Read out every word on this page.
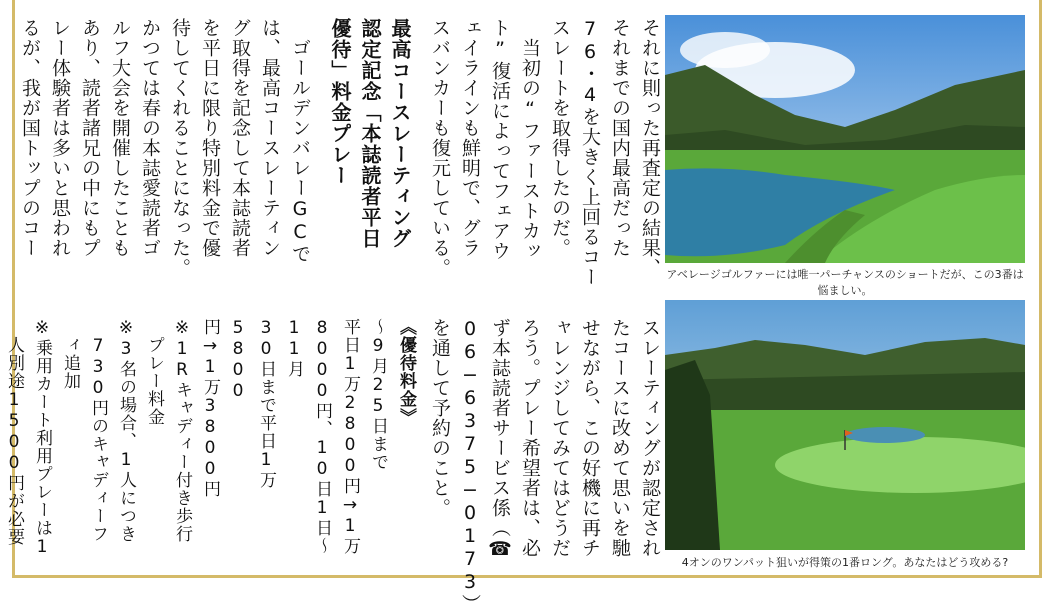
それに則った再査定の結果、
それまでの国内最高だった
76・4を大きく上回るコー
スレートを取得したのだ。
　当初の“ファーストカッ
ト”復活によってフェアウ
ェイラインも鮮明で、グラ
スバンカーも復元している。
最高コースレーティング
認定記念「本誌読者平日
優待」料金プレー
　ゴールデンバレーGCで
は、最高コースレーティン
グ取得を記念して本誌読者
を平日に限り特別料金で優
待してくれることになった。
かつては春の本誌愛読者ゴ
ルフ大会を開催したことも
あり、読者諸兄の中にもプ
レー体験者は多いと思われ
るが、我が国トップのコー
スレーティングが認定され
たコースに改めて思いを馳
せながら、この好機に再チ
ャレンジしてみてはどうだ
ろう。プレー希望者は、必
ず本誌読者サービス係（☎
06−6375−0173）
を通して予約のこと。
《優待料金》
〜9月25日まで
平日1万2800円→1万
8000円、10日1日〜11月
30日まで平日1万5800
円→1万3800円
※1Rキャディー付き歩行
　プレー料金
※3名の場合、1人につき
　730円のキャディーフ
　ィ追加
※乗用カート利用プレーは1
　人別途1500円が必要
アベレージゴルファーには唯一パーチャンスのショートだが、この3番は悩ましい。
4オンのワンパット狙いが得策の1番ロング。あなたはどう攻める?
